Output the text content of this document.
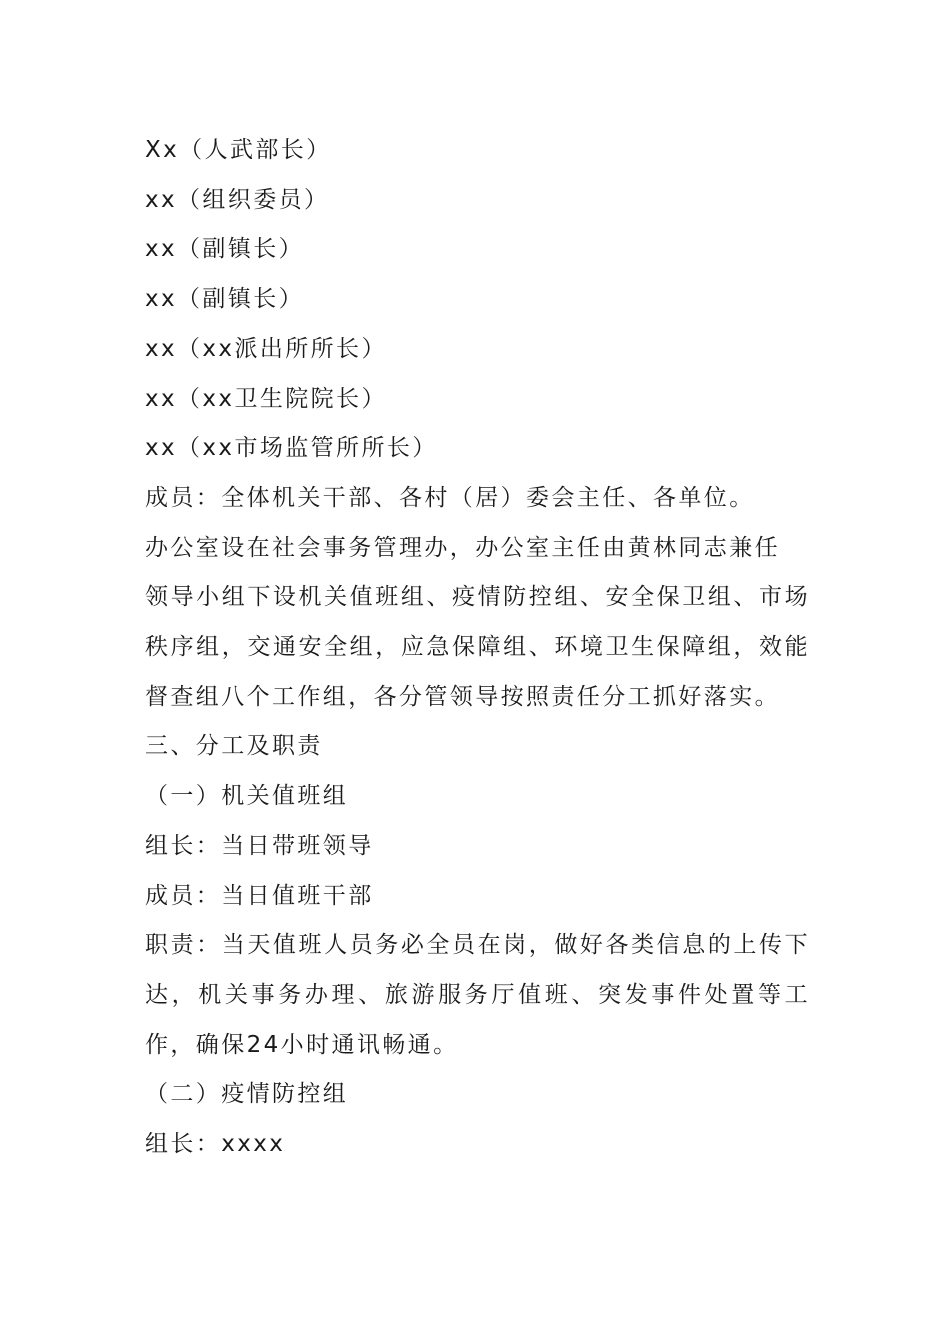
Xx（人武部长）
xx（组织委员）
xx（副镇长）
xx（副镇长）
xx（xx派出所所长）
xx（xx卫生院院长）
xx（xx市场监管所所长）
成员：全体机关干部、各村（居）委会主任、各单位。
办公室设在社会事务管理办，办公室主任由黄林同志兼任
领导小组下设机关值班组、疫情防控组、安全保卫组、市场秩序组，交通安全组，应急保障组、环境卫生保障组，效能督查组八个工作组，各分管领导按照责任分工抓好落实。
三、分工及职责
（一）机关值班组
组长：当日带班领导
成员：当日值班干部
职责：当天值班人员务必全员在岗，做好各类信息的上传下达，机关事务办理、旅游服务厅值班、突发事件处置等工作，确保24小时通讯畅通。
（二）疫情防控组
组长：xxxx
